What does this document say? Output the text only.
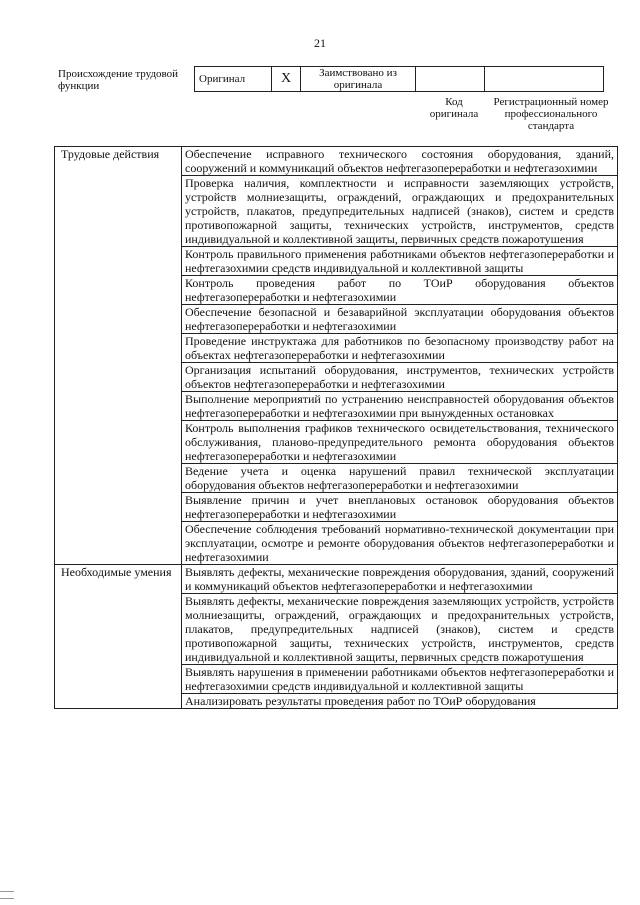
21
Происхождение трудовой функции
Оригинал	X	Заимствовано из оригинала		
Код оригинала
Регистрационный номер профессионального стандарта
Трудовые действия	Обеспечение исправного технического состояния оборудования, зданий, сооружений и коммуникаций объектов нефтегазопереработки и нефтегазохимии
	Проверка наличия, комплектности и исправности заземляющих устройств, устройств молниезащиты, ограждений, ограждающих и предохранительных устройств, плакатов, предупредительных надписей (знаков), систем и средств противопожарной защиты, технических устройств, инструментов, средств индивидуальной и коллективной защиты, первичных средств пожаротушения
	Контроль правильного применения работниками объектов нефтегазопереработки и нефтегазохимии средств индивидуальной и коллективной защиты
	Контроль проведения работ по ТОиР оборудования объектов нефтегазопереработки и нефтегазохимии
	Обеспечение безопасной и безаварийной эксплуатации оборудования объектов нефтегазопереработки и нефтегазохимии
	Проведение инструктажа для работников по безопасному производству работ на объектах нефтегазопереработки и нефтегазохимии
	Организация испытаний оборудования, инструментов, технических устройств объектов нефтегазопереработки и нефтегазохимии
	Выполнение мероприятий по устранению неисправностей оборудования объектов нефтегазопереработки и нефтегазохимии при вынужденных остановках
	Контроль выполнения графиков технического освидетельствования, технического обслуживания, планово-предупредительного ремонта оборудования объектов нефтегазопереработки и нефтегазохимии
	Ведение учета и оценка нарушений правил технической эксплуатации оборудования объектов нефтегазопереработки и нефтегазохимии
	Выявление причин и учет внеплановых остановок оборудования объектов нефтегазопереработки и нефтегазохимии
	Обеспечение соблюдения требований нормативно-технической документации при эксплуатации, осмотре и ремонте оборудования объектов нефтегазопереработки и нефтегазохимии
Необходимые умения	Выявлять дефекты, механические повреждения оборудования, зданий, сооружений и коммуникаций объектов нефтегазопереработки и нефтегазохимии
	Выявлять дефекты, механические повреждения заземляющих устройств, устройств молниезащиты, ограждений, ограждающих и предохранительных устройств, плакатов, предупредительных надписей (знаков), систем и средств противопожарной защиты, технических устройств, инструментов, средств индивидуальной и коллективной защиты, первичных средств пожаротушения
	Выявлять нарушения в применении работниками объектов нефтегазопереработки и нефтегазохимии средств индивидуальной и коллективной защиты
	Анализировать результаты проведения работ по ТОиР оборудования
